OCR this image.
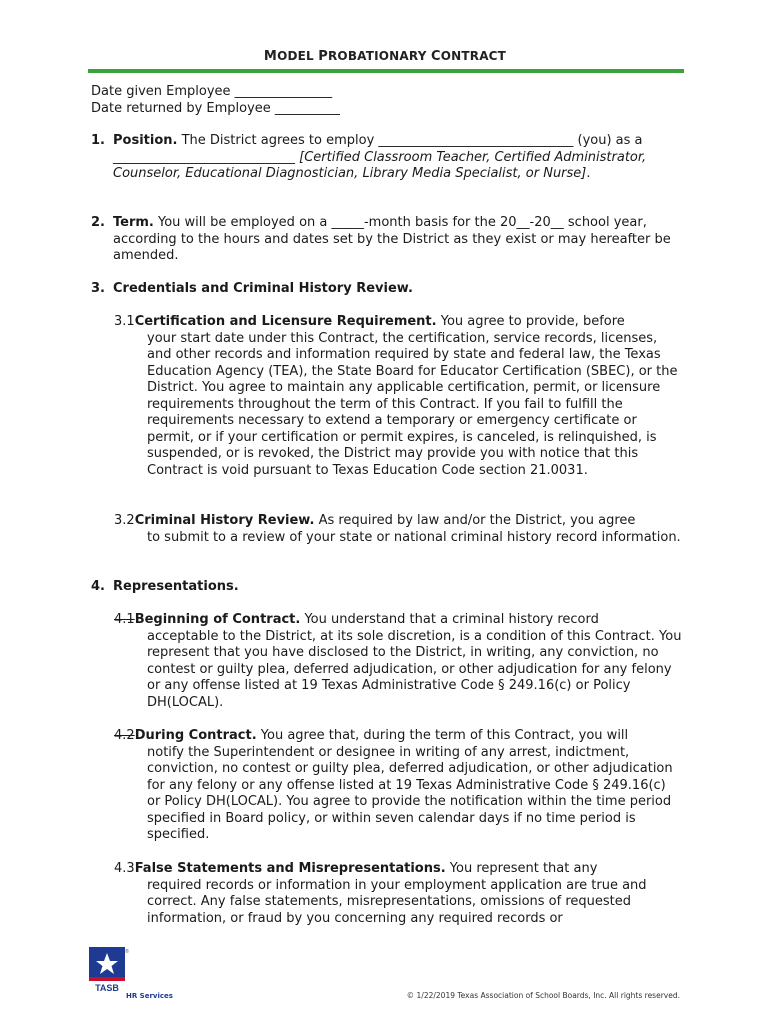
MODEL PROBATIONARY CONTRACT
Date given Employee _______________
Date returned by Employee __________
1. Position. The District agrees to employ ______________________________ (you) as a ____________________________ [Certified Classroom Teacher, Certified Administrator, Counselor, Educational Diagnostician, Library Media Specialist, or Nurse].
2. Term. You will be employed on a _____-month basis for the 20__-20__ school year, according to the hours and dates set by the District as they exist or may hereafter be amended.
3. Credentials and Criminal History Review.
3.1Certification and Licensure Requirement. You agree to provide, before
your start date under this Contract, the certification, service records, licenses, and other records and information required by state and federal law, the Texas Education Agency (TEA), the State Board for Educator Certification (SBEC), or the District. You agree to maintain any applicable certification, permit, or licensure requirements throughout the term of this Contract. If you fail to fulfill the requirements necessary to extend a temporary or emergency certificate or permit, or if your certification or permit expires, is canceled, is relinquished, is suspended, or is revoked, the District may provide you with notice that this Contract is void pursuant to Texas Education Code section 21.0031.
3.2Criminal History Review. As required by law and/or the District, you agree
to submit to a review of your state or national criminal history record information.
4. Representations.
4.1Beginning of Contract. You understand that a criminal history record
acceptable to the District, at its sole discretion, is a condition of this Contract. You represent that you have disclosed to the District, in writing, any conviction, no contest or guilty plea, deferred adjudication, or other adjudication for any felony or any offense listed at 19 Texas Administrative Code § 249.16(c) or Policy DH(LOCAL).
4.2During Contract. You agree that, during the term of this Contract, you will
notify the Superintendent or designee in writing of any arrest, indictment, conviction, no contest or guilty plea, deferred adjudication, or other adjudication for any felony or any offense listed at 19 Texas Administrative Code § 249.16(c) or Policy DH(LOCAL). You agree to provide the notification within the time period specified in Board policy, or within seven calendar days if no time period is specified.
4.3False Statements and Misrepresentations. You represent that any
required records or information in your employment application are true and correct. Any false statements, misrepresentations, omissions of requested information, or fraud by you concerning any required records or
TASB
®
HR Services	© 1/22/2019 Texas Association of School Boards, Inc. All rights reserved.
